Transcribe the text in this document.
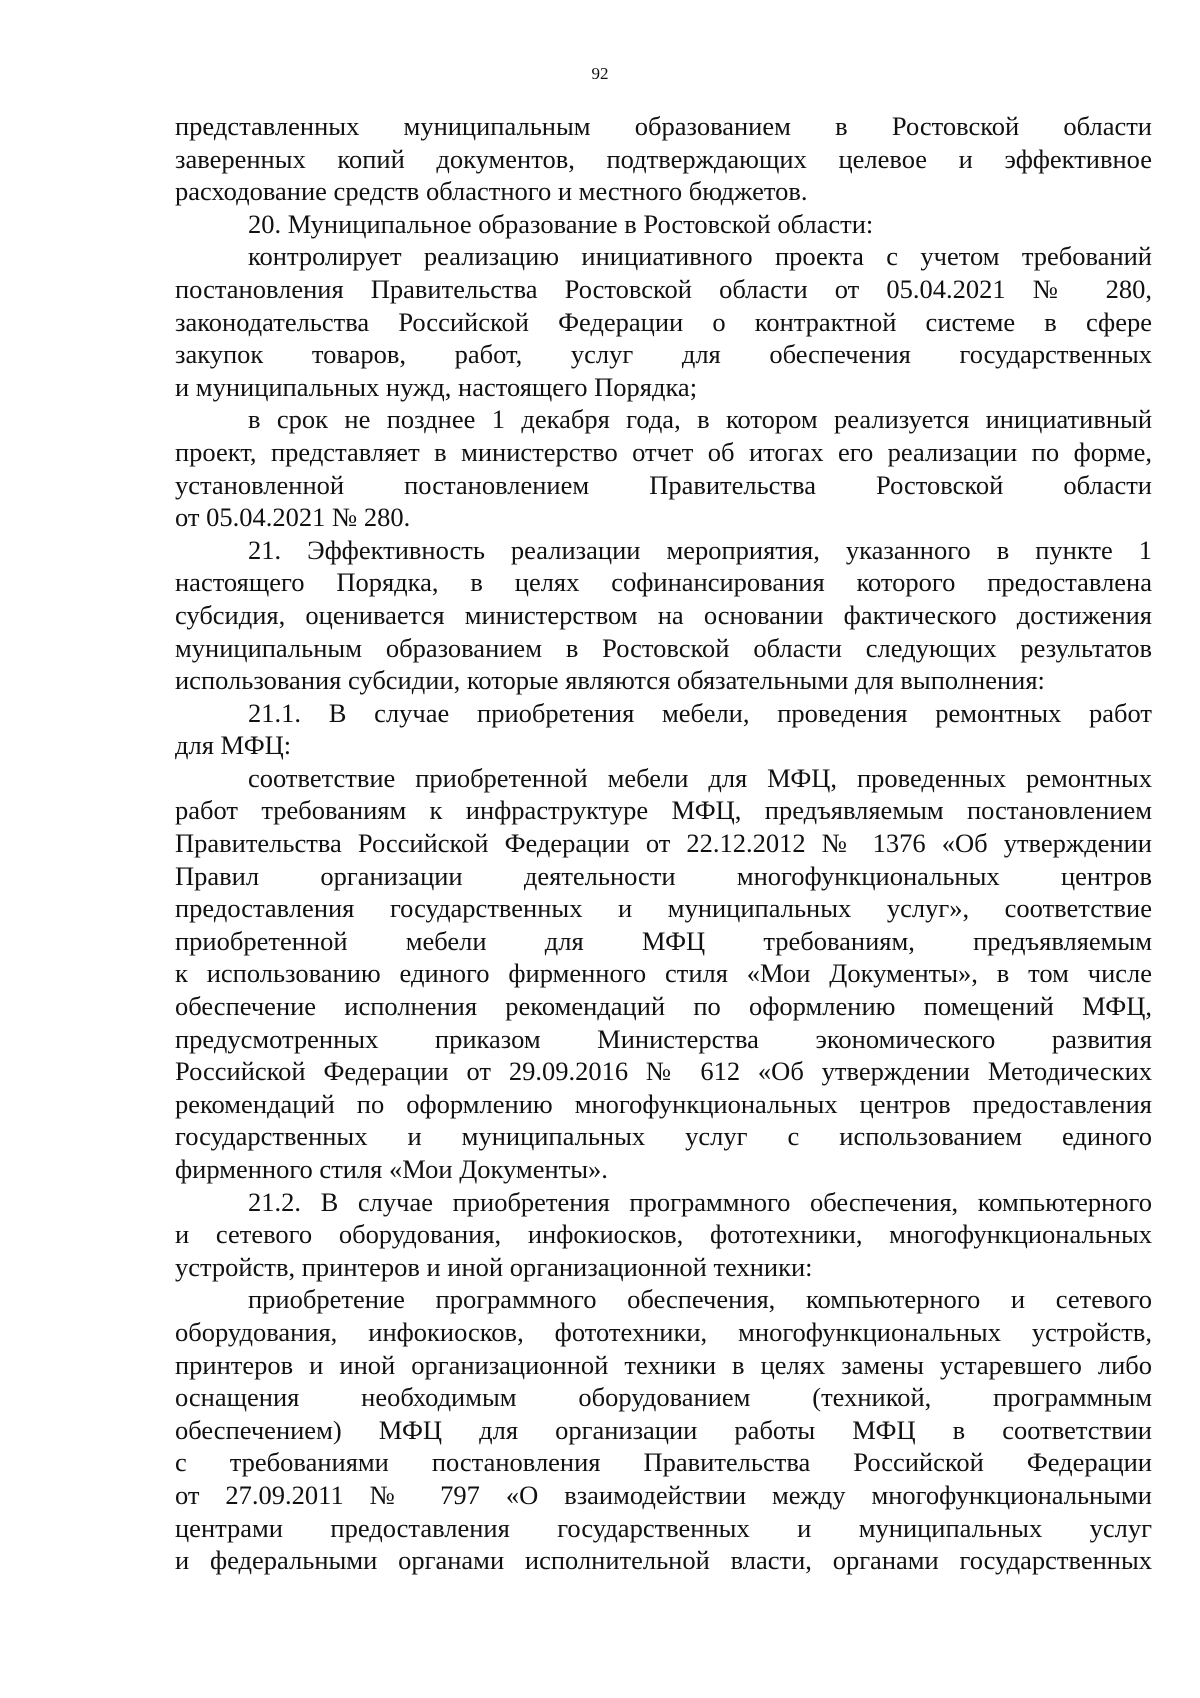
92
представленных муниципальным образованием в Ростовской области
заверенных копий документов, подтверждающих целевое и эффективное
расходование средств областного и местного бюджетов.
20. Муниципальное образование в Ростовской области:
контролирует реализацию инициативного проекта с учетом требований
постановления Правительства Ростовской области от 05.04.2021 № 280,
законодательства Российской Федерации о контрактной системе в сфере
закупок товаров, работ, услуг для обеспечения государственных
и муниципальных нужд, настоящего Порядка;
в срок не позднее 1 декабря года, в котором реализуется инициативный
проект, представляет в министерство отчет об итогах его реализации по форме,
установленной постановлением Правительства Ростовской области
от 05.04.2021 № 280.
21. Эффективность реализации мероприятия, указанного в пункте 1
настоящего Порядка, в целях софинансирования которого предоставлена
субсидия, оценивается министерством на основании фактического достижения
муниципальным образованием в Ростовской области следующих результатов
использования субсидии, которые являются обязательными для выполнения:
21.1. В случае приобретения мебели, проведения ремонтных работ
для МФЦ:
соответствие приобретенной мебели для МФЦ, проведенных ремонтных
работ требованиям к инфраструктуре МФЦ, предъявляемым постановлением
Правительства Российской Федерации от 22.12.2012 № 1376 «Об утверждении
Правил организации деятельности многофункциональных центров
предоставления государственных и муниципальных услуг», соответствие
приобретенной мебели для МФЦ требованиям, предъявляемым
к использованию единого фирменного стиля «Мои Документы», в том числе
обеспечение исполнения рекомендаций по оформлению помещений МФЦ,
предусмотренных приказом Министерства экономического развития
Российской Федерации от 29.09.2016 № 612 «Об утверждении Методических
рекомендаций по оформлению многофункциональных центров предоставления
государственных и муниципальных услуг с использованием единого
фирменного стиля «Мои Документы».
21.2. В случае приобретения программного обеспечения, компьютерного
и сетевого оборудования, инфокиосков, фототехники, многофункциональных
устройств, принтеров и иной организационной техники:
приобретение программного обеспечения, компьютерного и сетевого
оборудования, инфокиосков, фототехники, многофункциональных устройств,
принтеров и иной организационной техники в целях замены устаревшего либо
оснащения необходимым оборудованием (техникой, программным
обеспечением) МФЦ для организации работы МФЦ в соответствии
с требованиями постановления Правительства Российской Федерации
от 27.09.2011 № 797 «О взаимодействии между многофункциональными
центрами предоставления государственных и муниципальных услуг
и федеральными органами исполнительной власти, органами государственных
